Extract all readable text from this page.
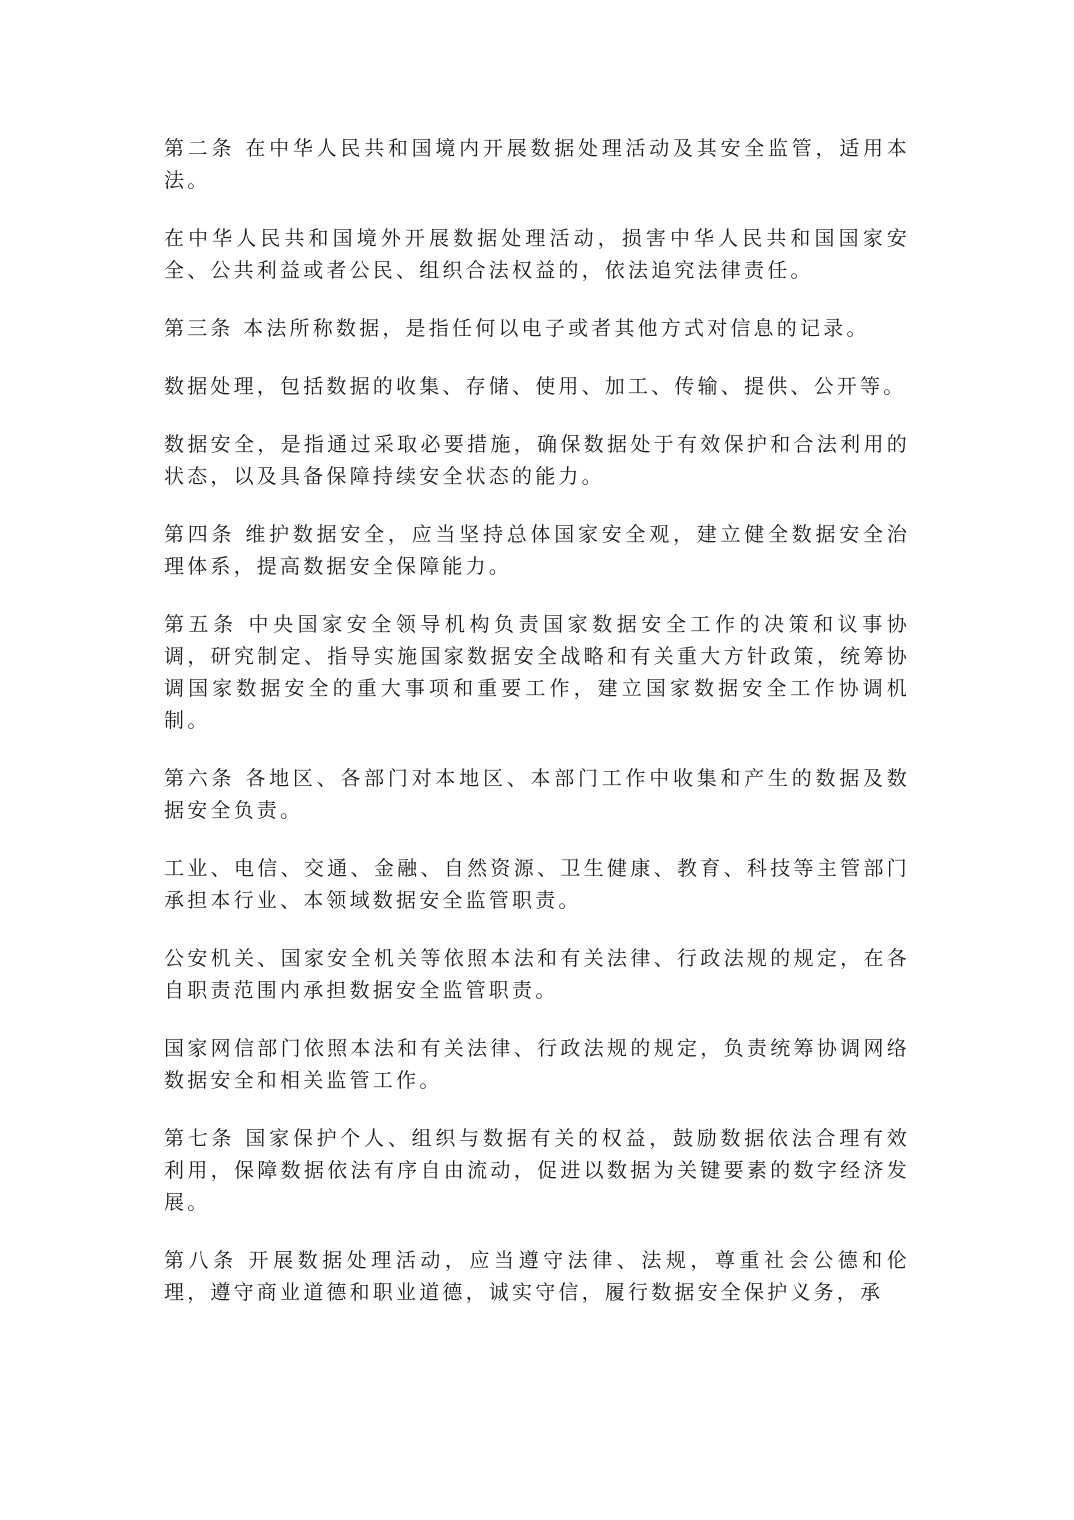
第二条 在中华人民共和国境内开展数据处理活动及其安全监管，适用本法。

在中华人民共和国境外开展数据处理活动，损害中华人民共和国国家安全、公共利益或者公民、组织合法权益的，依法追究法律责任。

第三条 本法所称数据，是指任何以电子或者其他方式对信息的记录。

数据处理，包括数据的收集、存储、使用、加工、传输、提供、公开等。

数据安全，是指通过采取必要措施，确保数据处于有效保护和合法利用的状态，以及具备保障持续安全状态的能力。

第四条 维护数据安全，应当坚持总体国家安全观，建立健全数据安全治理体系，提高数据安全保障能力。

第五条 中央国家安全领导机构负责国家数据安全工作的决策和议事协调，研究制定、指导实施国家数据安全战略和有关重大方针政策，统筹协调国家数据安全的重大事项和重要工作，建立国家数据安全工作协调机制。

第六条 各地区、各部门对本地区、本部门工作中收集和产生的数据及数据安全负责。

工业、电信、交通、金融、自然资源、卫生健康、教育、科技等主管部门承担本行业、本领域数据安全监管职责。

公安机关、国家安全机关等依照本法和有关法律、行政法规的规定，在各自职责范围内承担数据安全监管职责。

国家网信部门依照本法和有关法律、行政法规的规定，负责统筹协调网络数据安全和相关监管工作。

第七条 国家保护个人、组织与数据有关的权益，鼓励数据依法合理有效利用，保障数据依法有序自由流动，促进以数据为关键要素的数字经济发展。

第八条 开展数据处理活动，应当遵守法律、法规，尊重社会公德和伦理，遵守商业道德和职业道德，诚实守信，履行数据安全保护义务，承
